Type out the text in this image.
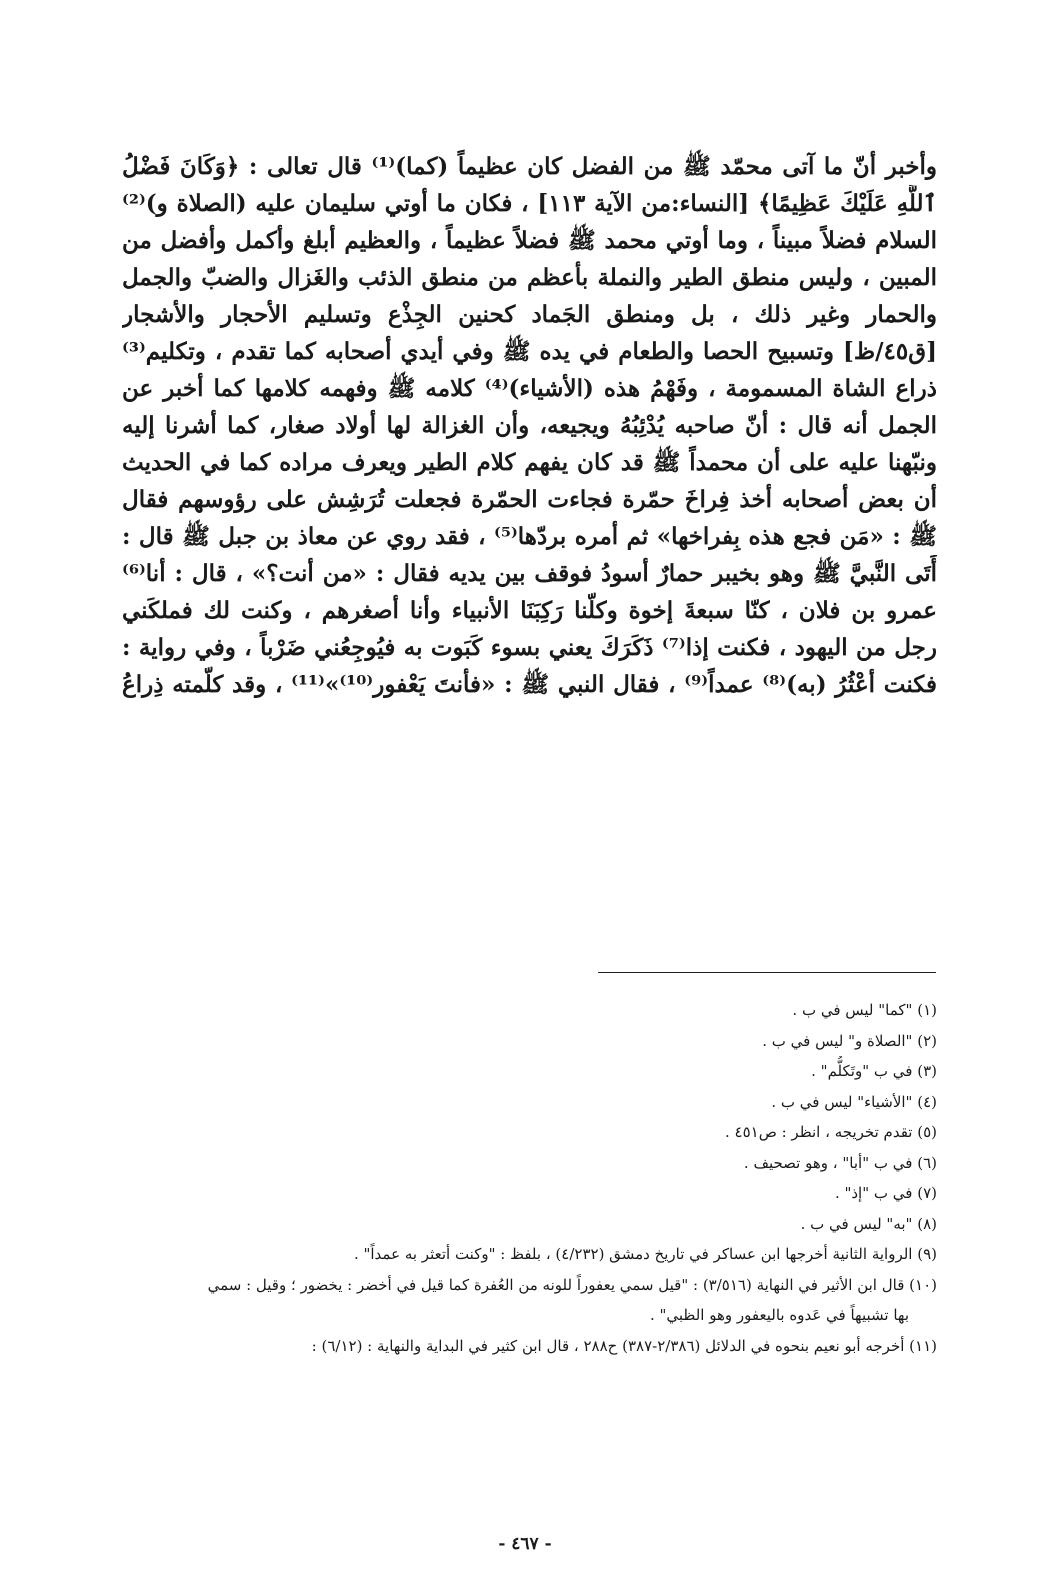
وأخبر أنّ ما آتى محمّد ﷺ من الفضل كان عظيماً (كما)⁽¹⁾ قال تعالى : ﴿وَكَانَ فَضْلُ
ٱللَّهِ عَلَيْكَ عَظِيمًا﴾ [النساء:من الآية ١١٣] ، فكان ما أوتي سليمان عليه (الصلاة و)⁽²⁾
السلام فضلاً مبيناً ، وما أوتي محمد ﷺ فضلاً عظيماً ، والعظيم أبلغ وأكمل وأفضل من
المبين ، وليس منطق الطير والنملة بأعظم من منطق الذئب والغَزال والضبّ والجمل
والحمار وغير ذلك ، بل ومنطق الجَماد كحنين الجِذْع وتسليم الأحجار والأشجار
[ق٤٥/ظ] وتسبيح الحصا والطعام في يده ﷺ وفي أيدي أصحابه كما تقدم ، وتكليم⁽³⁾
ذراع الشاة المسمومة ، وفَهْمُ هذه (الأشياء)⁽⁴⁾ كلامه ﷺ وفهمه كلامها كما أخبر عن
الجمل أنه قال : أنّ صاحبه يُدْئِبُهُ ويجيعه، وأن الغزالة لها أولاد صغار، كما أشرنا إليه
ونبّهنا عليه على أن محمداً ﷺ قد كان يفهم كلام الطير ويعرف مراده كما في الحديث
أن بعض أصحابه أخذ فِراخَ حمّرة فجاءت الحمّرة فجعلت تُرَشِش على رؤوسهم فقال
ﷺ : «مَن فجع هذه بِفراخها» ثم أمره بردّها⁽⁵⁾ ، فقد روي عن معاذ بن جبل ﷺ قال :
أَتَى النَّبيَّ ﷺ وهو بخيبر حمارٌ أسودُ فوقف بين يديه فقال : «من أنت؟» ، قال : أنا⁽⁶⁾
عمرو بن فلان ، كنّا سبعةَ إخوة وكلّنا رَكِبَنَا الأنبياء وأنا أصغرهم ، وكنت لك فملكَني
رجل من اليهود ، فكنت إذا⁽⁷⁾ ذَكَرَكَ يعني بسوء كَبَوت به فيُوجِعُني ضَرْباً ، وفي رواية :
فكنت أعْثُرُ (به)⁽⁸⁾ عمداً⁽⁹⁾ ، فقال النبي ﷺ : «فأنتَ يَعْفور⁽¹⁰⁾»⁽¹¹⁾ ، وقد كلّمته ذِراعُ
(١) "كما" ليس في ب .
(٢) "الصلاة و" ليس في ب .
(٣) في ب "وتَكلُّم" .
(٤) "الأشياء" ليس في ب .
(٥) تقدم تخريجه ، انظر : ص٤٥١ .
(٦) في ب "أبا" ، وهو تصحيف .
(٧) في ب "إذ" .
(٨) "به" ليس في ب .
(٩) الرواية الثانية أخرجها ابن عساكر في تاريخ دمشق (٤/٢٣٢) ، بلفظ : "وكنت أتعثر به عمداً" .
(١٠) قال ابن الأثير في النهاية (٣/٥١٦) : "قيل سمي يعفوراً للونه من العُفرة كما قيل في أخضر : يخضور ؛ وقيل : سمي
بها تشبيهاً في عَدوه باليعفور وهو الظبي" .
(١١) أخرجه أبو نعيم بنحوه في الدلائل (٢/٣٨٦-٣٨٧) ح٢٨٨ ، قال ابن كثير في البداية والنهاية : (٦/١٢) :
- ٤٦٧ -
